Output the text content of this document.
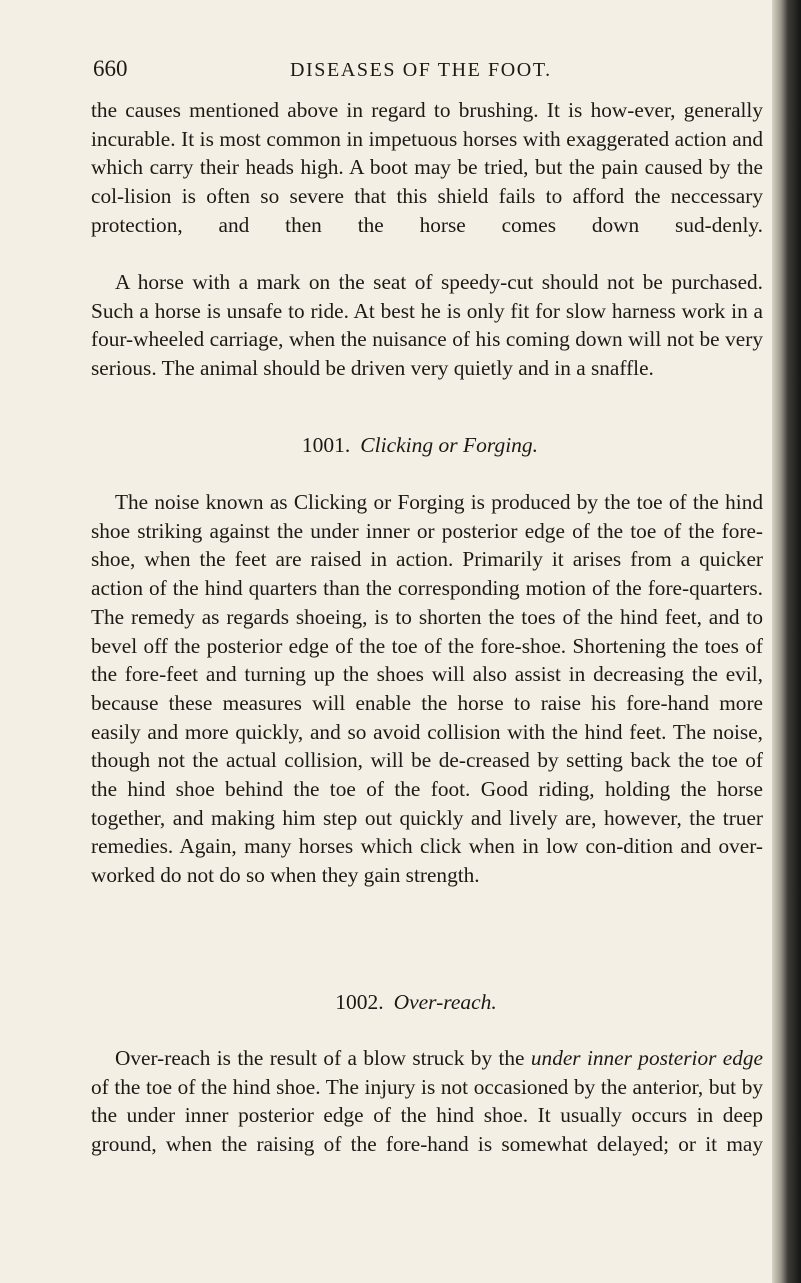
660	DISEASES OF THE FOOT.
the causes mentioned above in regard to brushing. It is how-ever, generally incurable. It is most common in impetuous horses with exaggerated action and which carry their heads high. A boot may be tried, but the pain caused by the col-lision is often so severe that this shield fails to afford the neccessary protection, and then the horse comes down sud-denly.
A horse with a mark on the seat of speedy-cut should not be purchased. Such a horse is unsafe to ride. At best he is only fit for slow harness work in a four-wheeled carriage, when the nuisance of his coming down will not be very serious. The animal should be driven very quietly and in a snaffle.
1001. Clicking or Forging.
The noise known as Clicking or Forging is produced by the toe of the hind shoe striking against the under inner or posterior edge of the toe of the fore-shoe, when the feet are raised in action. Primarily it arises from a quicker action of the hind quarters than the corresponding motion of the fore-quarters. The remedy as regards shoeing, is to shorten the toes of the hind feet, and to bevel off the posterior edge of the toe of the fore-shoe. Shortening the toes of the fore-feet and turning up the shoes will also assist in decreasing the evil, because these measures will enable the horse to raise his fore-hand more easily and more quickly, and so avoid collision with the hind feet. The noise, though not the actual collision, will be de-creased by setting back the toe of the hind shoe behind the toe of the foot. Good riding, holding the horse together, and making him step out quickly and lively are, however, the truer remedies. Again, many horses which click when in low con-dition and over-worked do not do so when they gain strength.
1002. Over-reach.
Over-reach is the result of a blow struck by the under inner posterior edge of the toe of the hind shoe. The injury is not occasioned by the anterior, but by the under inner posterior edge of the hind shoe. It usually occurs in deep ground, when the raising of the fore-hand is somewhat delayed; or it may
